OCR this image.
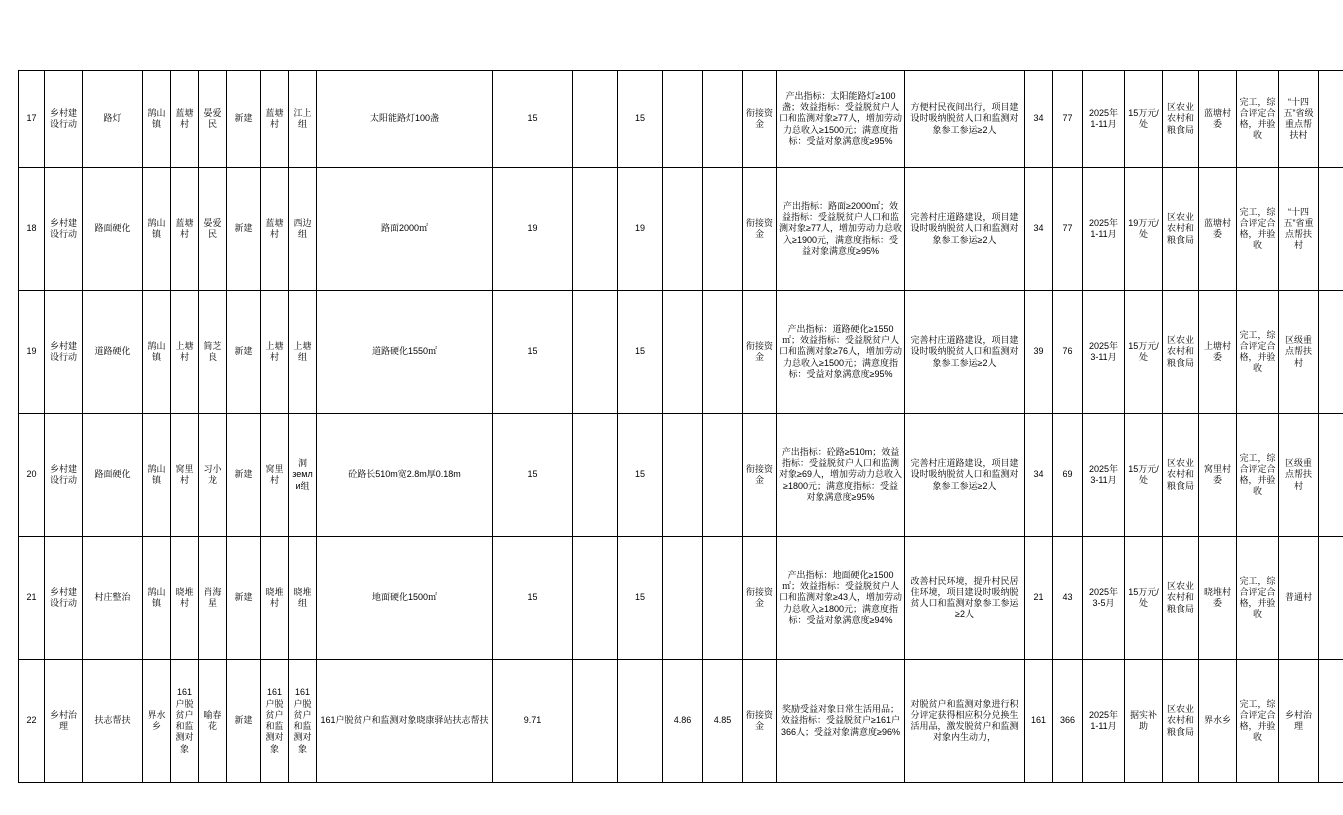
17	乡村建设行动	路灯	鹄山镇	蓝塘村	晏爱民	新建	蓝塘村	江上组	太阳能路灯100盏	15		15			衔接资金	产出指标：太阳能路灯≥100盏；效益指标：受益脱贫户人口和监测对象≥77人，增加劳动力总收入≥1500元；满意度指标：受益对象满意度≥95%	方便村民夜间出行，项目建设时吸纳脱贫人口和监测对象参工参运≥2人	34	77	2025年1-11月	15万元/处	区农业农村和粮食局	蓝塘村委	完工，综合评定合格，并验收	“十四五”省级重点帮扶村	
18	乡村建设行动	路面硬化	鹄山镇	蓝塘村	晏爱民	新建	蓝塘村	西边组	路面2000㎡	19		19			衔接资金	产出指标：路面≥2000㎡；效益指标：受益脱贫户人口和监测对象≥77人，增加劳动力总收入≥1900元，满意度指标：受益对象满意度≥95%	完善村庄道路建设，项目建设时吸纳脱贫人口和监测对象参工参运≥2人	34	77	2025年1-11月	19万元/处	区农业农村和粮食局	蓝塘村委	完工，综合评定合格，并验收	“十四五”省重点帮扶村	
19	乡村建设行动	道路硬化	鹄山镇	上塘村	简芝良	新建	上塘村	上塘组	道路硬化1550㎡	15		15			衔接资金	产出指标：道路硬化≥1550㎡；效益指标：受益脱贫户人口和监测对象≥76人，增加劳动力总收入≥1500元；满意度指标：受益对象满意度≥95%	完善村庄道路建设，项目建设时吸纳脱贫人口和监测对象参工参运≥2人	39	76	2025年3-11月	15万元/处	区农业农村和粮食局	上塘村委	完工，综合评定合格，并验收	区级重点帮扶村	
20	乡村建设行动	路面硬化	鹄山镇	窝里村	习小龙	新建	窝里村	洞земли组	砼路长510m宽2.8m厚0.18m	15		15			衔接资金	产出指标：砼路≥510m；效益指标：受益脱贫户人口和监测对象≥69人，增加劳动力总收入≥1800元；满意度指标：受益对象满意度≥95%	完善村庄道路建设，项目建设时吸纳脱贫人口和监测对象参工参运≥2人	34	69	2025年3-11月	15万元/处	区农业农村和粮食局	窝里村委	完工，综合评定合格，并验收	区级重点帮扶村	
21	乡村建设行动	村庄整治	鹄山镇	晓堆村	肖海星	新建	晓堆村	晓堆组	地面硬化1500㎡	15		15			衔接资金	产出指标：地面硬化≥1500㎡；效益指标：受益脱贫户人口和监测对象≥43人，增加劳动力总收入≥1800元；满意度指标：受益对象满意度≥94%	改善村民环境，提升村民居住环境，项目建设时吸纳脱贫人口和监测对象参工参运≥2人	21	43	2025年3-5月	15万元/处	区农业农村和粮食局	晓堆村委	完工，综合评定合格，并验收	普通村	
22	乡村治理	扶志帮扶	界水乡	161户脱贫户和监测对象	喻春花	新建	161户脱贫户和监测对象	161户脱贫户和监测对象	161户脱贫户和监测对象晓康驿站扶志帮扶	9.71			4.86	4.85	衔接资金	奖励受益对象日常生活用品；效益指标：受益脱贫户≥161户366人；受益对象满意度≥96%	对脱贫户和监测对象进行积分评定获得相应积分兑换生活用品，激发脱贫户和监测对象内生动力，	161	366	2025年1-11月	据实补助	区农业农村和粮食局	界水乡	完工，综合评定合格，并验收	乡村治理	
